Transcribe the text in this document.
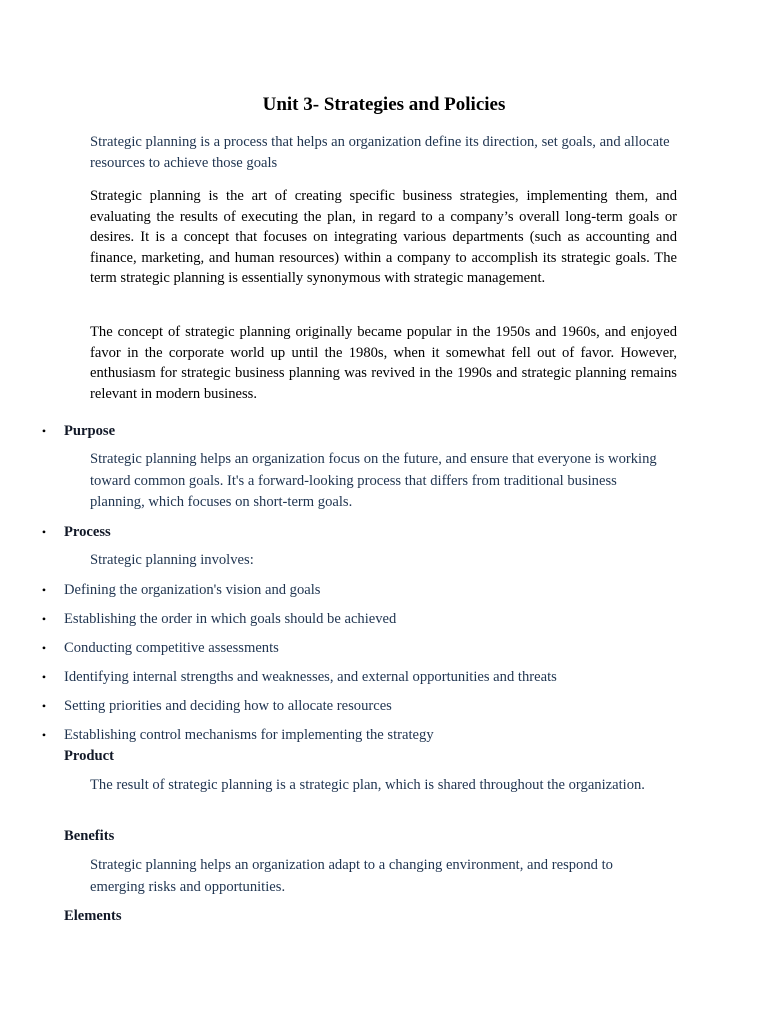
Unit 3- Strategies and Policies

Strategic planning is a process that helps an organization define its direction, set goals, and allocate resources to achieve those goals

Strategic planning is the art of creating specific business strategies, implementing them, and evaluating the results of executing the plan, in regard to a company’s overall long-term goals or desires. It is a concept that focuses on integrating various departments (such as accounting and finance, marketing, and human resources) within a company to accomplish its strategic goals. The term strategic planning is essentially synonymous with strategic management.

The concept of strategic planning originally became popular in the 1950s and 1960s, and enjoyed favor in the corporate world up until the 1980s, when it somewhat fell out of favor. However, enthusiasm for strategic business planning was revived in the 1990s and strategic planning remains relevant in modern business.

• Purpose

Strategic planning helps an organization focus on the future, and ensure that everyone is working toward common goals. It's a forward-looking process that differs from traditional business planning, which focuses on short-term goals.

• Process

Strategic planning involves:

• Defining the organization's vision and goals
• Establishing the order in which goals should be achieved
• Conducting competitive assessments
• Identifying internal strengths and weaknesses, and external opportunities and threats
• Setting priorities and deciding how to allocate resources
• Establishing control mechanisms for implementing the strategy
Product

The result of strategic planning is a strategic plan, which is shared throughout the organization.

Benefits

Strategic planning helps an organization adapt to a changing environment, and respond to emerging risks and opportunities.

Elements
